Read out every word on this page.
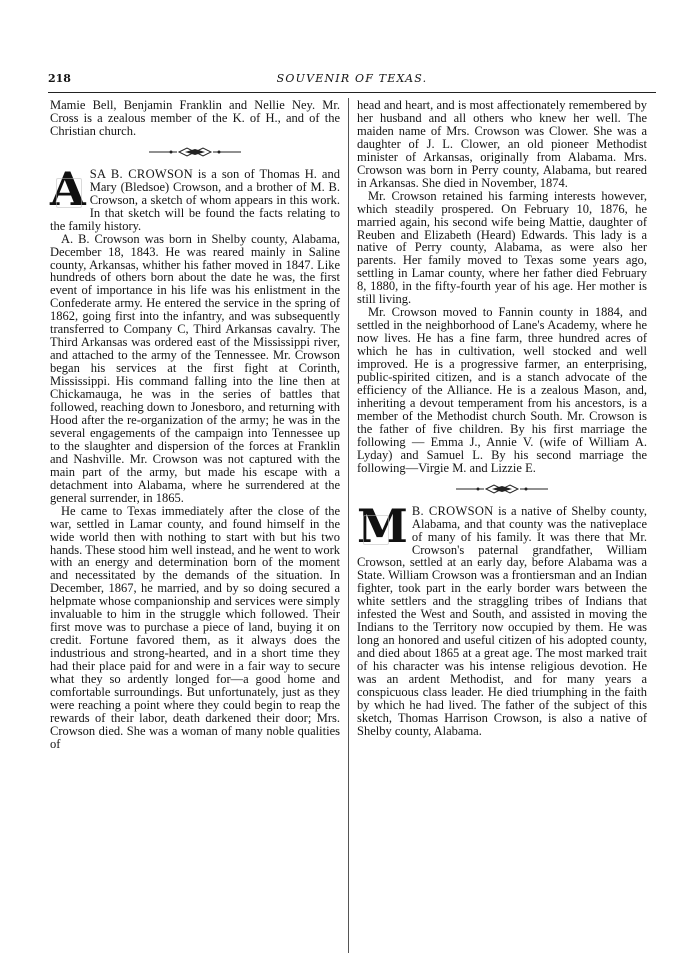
218	SOUVENIR OF TEXAS.

Mamie Bell, Benjamin Franklin and Nellie Ney. Mr. Cross is a zealous member of the K. of H., and of the Christian church.

ASA B. CROWSON is a son of Thomas H. and Mary (Bledsoe) Crowson, and a brother of M. B. Crowson, a sketch of whom appears in this work. In that sketch will be found the facts relating to the family history.

A. B. Crowson was born in Shelby county, Alabama, December 18, 1843. He was reared mainly in Saline county, Arkansas, whither his father moved in 1847. Like hundreds of others born about the date he was, the first event of importance in his life was his enlistment in the Confederate army. He entered the service in the spring of 1862, going first into the infantry, and was subsequently transferred to Company C, Third Arkansas cavalry. The Third Arkansas was ordered east of the Mississippi river, and attached to the army of the Tennessee. Mr. Crowson began his services at the first fight at Corinth, Mississippi. His command falling into the line then at Chickamauga, he was in the series of battles that followed, reaching down to Jonesboro, and returning with Hood after the re-organization of the army; he was in the several engagements of the campaign into Tennessee up to the slaughter and dispersion of the forces at Franklin and Nashville. Mr. Crowson was not captured with the main part of the army, but made his escape with a detachment into Alabama, where he surrendered at the general surrender, in 1865.

He came to Texas immediately after the close of the war, settled in Lamar county, and found himself in the wide world then with nothing to start with but his two hands. These stood him well instead, and he went to work with an energy and determination born of the moment and necessitated by the demands of the situation. In December, 1867, he married, and by so doing secured a helpmate whose companionship and services were simply invaluable to him in the struggle which followed. Their first move was to purchase a piece of land, buying it on credit. Fortune favored them, as it always does the industrious and strong-hearted, and in a short time they had their place paid for and were in a fair way to secure what they so ardently longed for—a good home and comfortable surroundings. But unfortunately, just as they were reaching a point where they could begin to reap the rewards of their labor, death darkened their door; Mrs. Crowson died. She was a woman of many noble qualities of

head and heart, and is most affectionately remembered by her husband and all others who knew her well. The maiden name of Mrs. Crowson was Clower. She was a daughter of J. L. Clower, an old pioneer Methodist minister of Arkansas, originally from Alabama. Mrs. Crowson was born in Perry county, Alabama, but reared in Arkansas. She died in November, 1874.

Mr. Crowson retained his farming interests however, which steadily prospered. On February 10, 1876, he married again, his second wife being Mattie, daughter of Reuben and Elizabeth (Heard) Edwards. This lady is a native of Perry county, Alabama, as were also her parents. Her family moved to Texas some years ago, settling in Lamar county, where her father died February 8, 1880, in the fifty-fourth year of his age. Her mother is still living.

Mr. Crowson moved to Fannin county in 1884, and settled in the neighborhood of Lane's Academy, where he now lives. He has a fine farm, three hundred acres of which he has in cultivation, well stocked and well improved. He is a progressive farmer, an enterprising, public-spirited citizen, and is a stanch advocate of the efficiency of the Alliance. He is a zealous Mason, and, inheriting a devout temperament from his ancestors, is a member of the Methodist church South. Mr. Crowson is the father of five children. By his first marriage the following — Emma J., Annie V. (wife of William A. Lyday) and Samuel L. By his second marriage the following—Virgie M. and Lizzie E.

M B. CROWSON is a native of Shelby county, Alabama, and that county was the nativeplace of many of his family. It was there that Mr. Crowson's paternal grandfather, William Crowson, settled at an early day, before Alabama was a State. William Crowson was a frontiersman and an Indian fighter, took part in the early border wars between the white settlers and the straggling tribes of Indians that infested the West and South, and assisted in moving the Indians to the Territory now occupied by them. He was long an honored and useful citizen of his adopted county, and died about 1865 at a great age. The most marked trait of his character was his intense religious devotion. He was an ardent Methodist, and for many years a conspicuous class leader. He died triumphing in the faith by which he had lived. The father of the subject of this sketch, Thomas Harrison Crowson, is also a native of Shelby county, Alabama.
